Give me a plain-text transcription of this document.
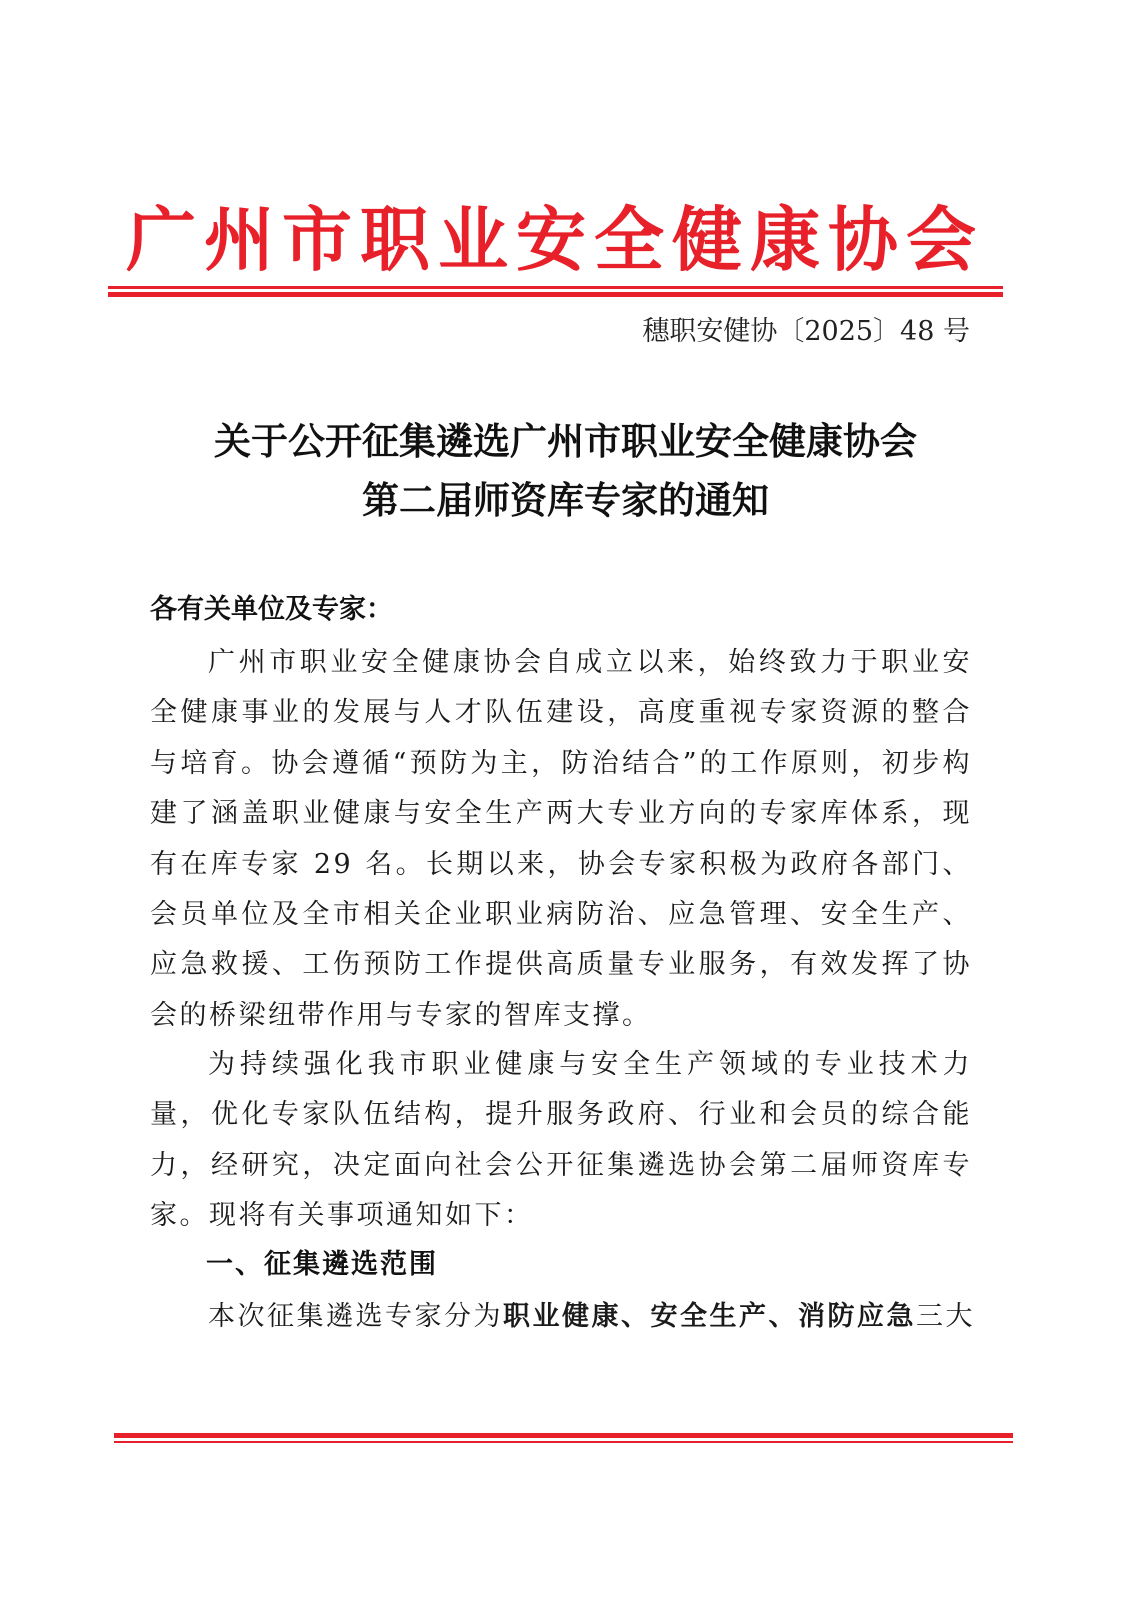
广州市职业安全健康协会
穗职安健协〔2025〕48 号
关于公开征集遴选广州市职业安全健康协会
第二届师资库专家的通知
各有关单位及专家：

广州市职业安全健康协会自成立以来，始终致力于职业安全健康事业的发展与人才队伍建设，高度重视专家资源的整合与培育。协会遵循“预防为主，防治结合”的工作原则，初步构建了涵盖职业健康与安全生产两大专业方向的专家库体系，现有在库专家 29 名。长期以来，协会专家积极为政府各部门、会员单位及全市相关企业职业病防治、应急管理、安全生产、应急救援、工伤预防工作提供高质量专业服务，有效发挥了协会的桥梁纽带作用与专家的智库支撑。

为持续强化我市职业健康与安全生产领域的专业技术力量，优化专家队伍结构，提升服务政府、行业和会员的综合能力，经研究，决定面向社会公开征集遴选协会第二届师资库专家。现将有关事项通知如下：

一、征集遴选范围

本次征集遴选专家分为职业健康、安全生产、消防应急三大
